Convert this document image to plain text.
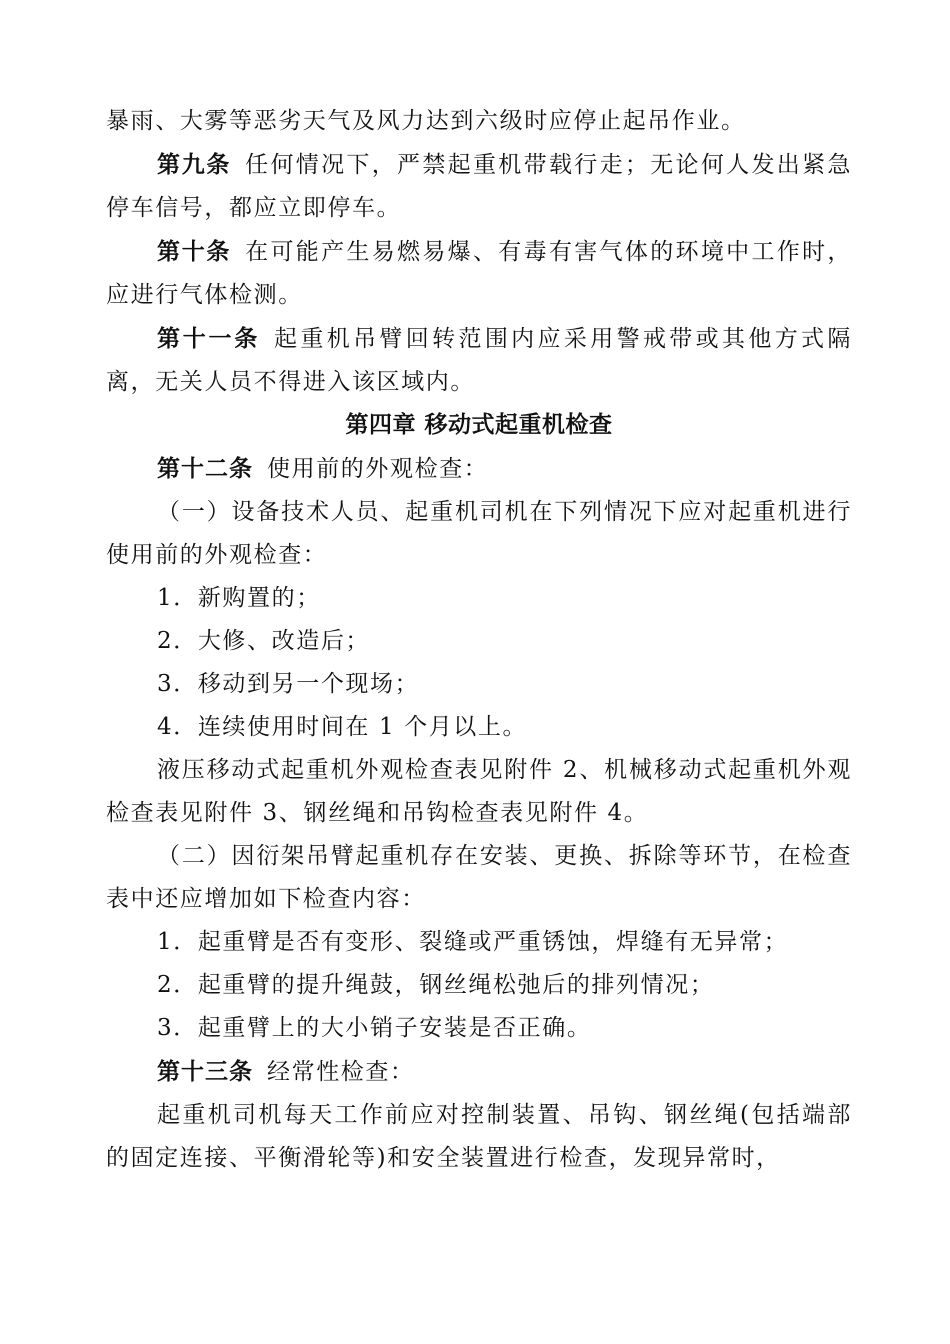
暴雨、大雾等恶劣天气及风力达到六级时应停止起吊作业。

第九条 任何情况下，严禁起重机带载行走；无论何人发出紧急停车信号，都应立即停车。

第十条 在可能产生易燃易爆、有毒有害气体的环境中工作时，应进行气体检测。

第十一条 起重机吊臂回转范围内应采用警戒带或其他方式隔离，无关人员不得进入该区域内。

第四章 移动式起重机检查

第十二条 使用前的外观检查：

（一）设备技术人员、起重机司机在下列情况下应对起重机进行使用前的外观检查：

1．新购置的；

2．大修、改造后；

3．移动到另一个现场；

4．连续使用时间在 1 个月以上。

液压移动式起重机外观检查表见附件 2、机械移动式起重机外观检查表见附件 3、钢丝绳和吊钩检查表见附件 4。

（二）因衍架吊臂起重机存在安装、更换、拆除等环节，在检查表中还应增加如下检查内容：

1．起重臂是否有变形、裂缝或严重锈蚀，焊缝有无异常；

2．起重臂的提升绳鼓，钢丝绳松弛后的排列情况；

3．起重臂上的大小销子安装是否正确。

第十三条 经常性检查：

起重机司机每天工作前应对控制装置、吊钩、钢丝绳(包括端部的固定连接、平衡滑轮等)和安全装置进行检查，发现异常时，
